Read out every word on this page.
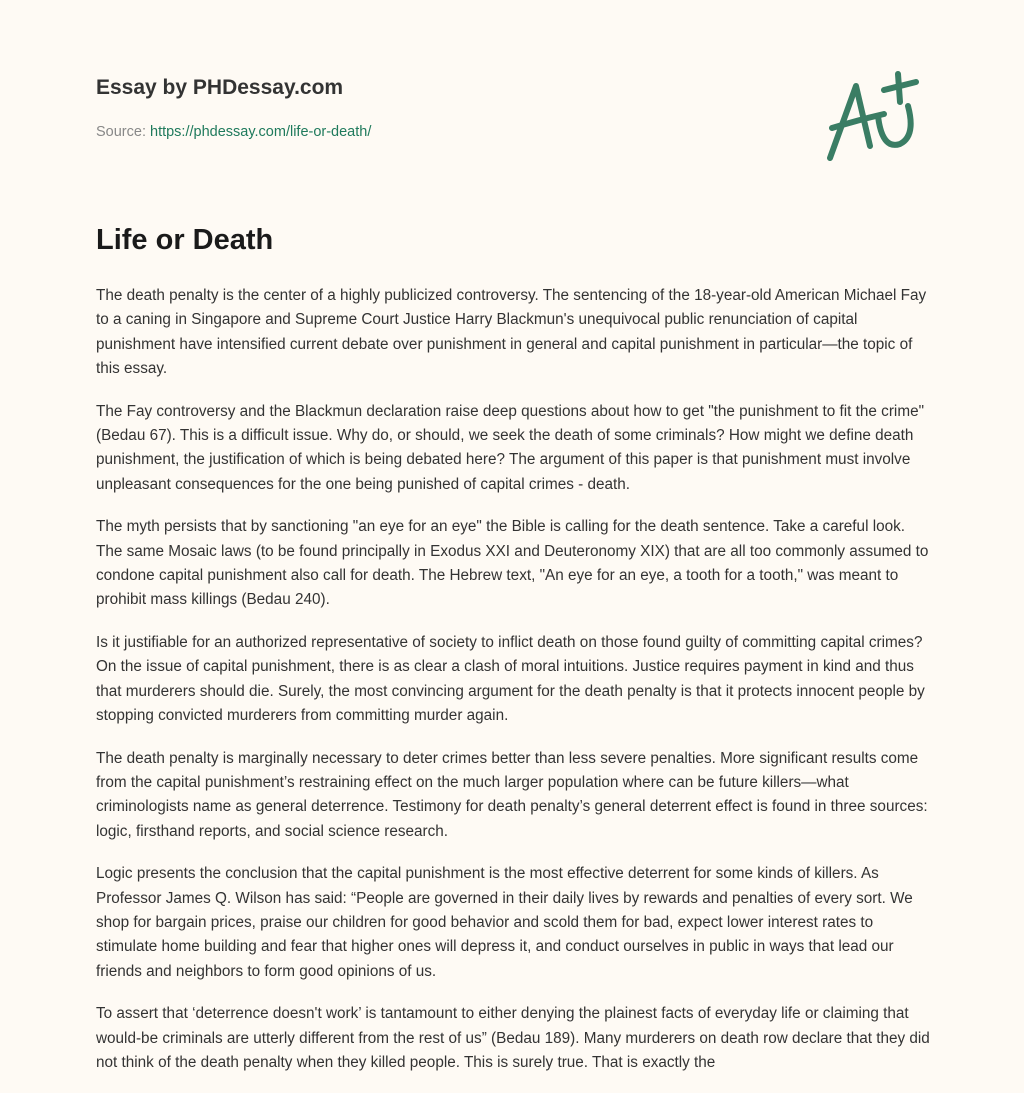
Essay by PHDessay.com
Source: https://phdessay.com/life-or-death/
Life or Death

The death penalty is the center of a highly publicized controversy. The sentencing of the 18-year-old American Michael Fay to a caning in Singapore and Supreme Court Justice Harry Blackmun's unequivocal public renunciation of capital punishment have intensified current debate over punishment in general and capital punishment in particular—the topic of this essay.

The Fay controversy and the Blackmun declaration raise deep questions about how to get "the punishment to fit the crime" (Bedau 67). This is a difficult issue. Why do, or should, we seek the death of some criminals? How might we define death punishment, the justification of which is being debated here? The argument of this paper is that punishment must involve unpleasant consequences for the one being punished of capital crimes - death.

The myth persists that by sanctioning "an eye for an eye" the Bible is calling for the death sentence. Take a careful look. The same Mosaic laws (to be found principally in Exodus XXI and Deuteronomy XIX) that are all too commonly assumed to condone capital punishment also call for death. The Hebrew text, "An eye for an eye, a tooth for a tooth," was meant to prohibit mass killings (Bedau 240).

Is it justifiable for an authorized representative of society to inflict death on those found guilty of committing capital crimes? On the issue of capital punishment, there is as clear a clash of moral intuitions. Justice requires payment in kind and thus that murderers should die. Surely, the most convincing argument for the death penalty is that it protects innocent people by stopping convicted murderers from committing murder again.

The death penalty is marginally necessary to deter crimes better than less severe penalties. More significant results come from the capital punishment’s restraining effect on the much larger population where can be future killers—what criminologists name as general deterrence. Testimony for death penalty’s general deterrent effect is found in three sources: logic, firsthand reports, and social science research.

Logic presents the conclusion that the capital punishment is the most effective deterrent for some kinds of killers. As Professor James Q. Wilson has said: “People are governed in their daily lives by rewards and penalties of every sort. We shop for bargain prices, praise our children for good behavior and scold them for bad, expect lower interest rates to stimulate home building and fear that higher ones will depress it, and conduct ourselves in public in ways that lead our friends and neighbors to form good opinions of us.

To assert that ‘deterrence doesn't work’ is tantamount to either denying the plainest facts of everyday life or claiming that would-be criminals are utterly different from the rest of us” (Bedau 189). Many murderers on death row declare that they did not think of the death penalty when they killed people. This is surely true. That is exactly the
